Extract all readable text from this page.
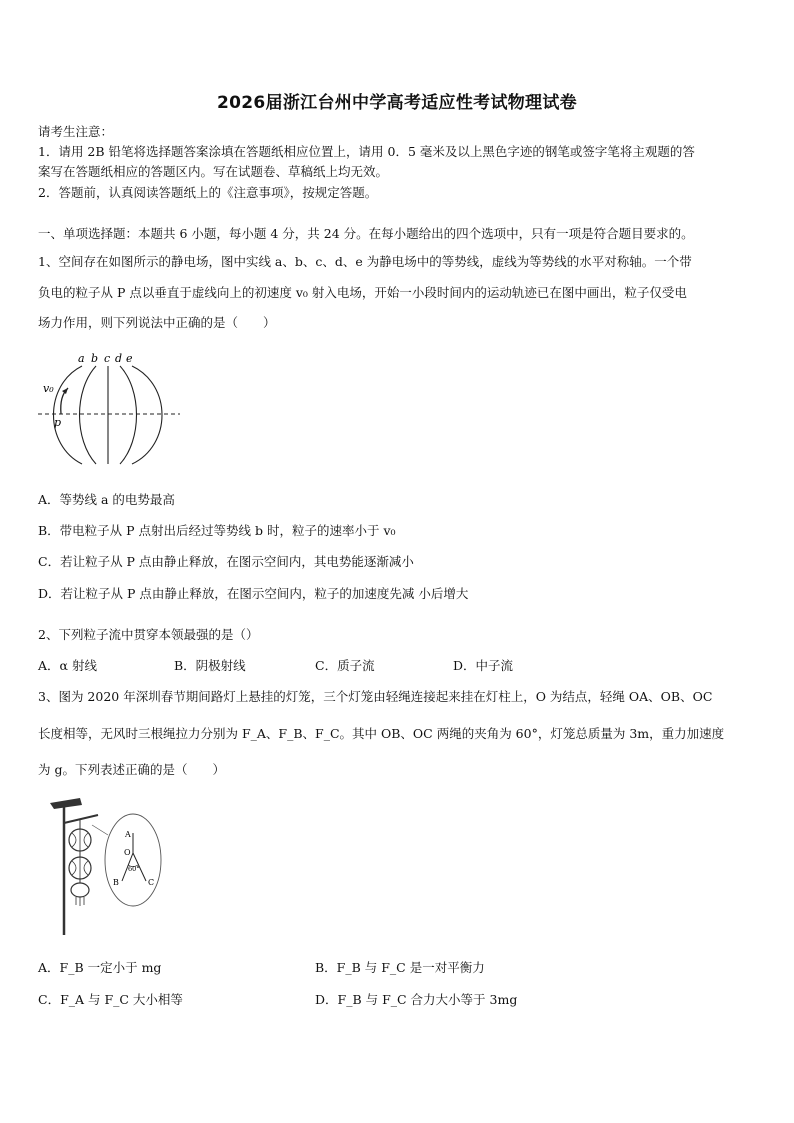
2026届浙江台州中学高考适应性考试物理试卷
请考生注意：
1．请用 2B 铅笔将选择题答案涂填在答题纸相应位置上，请用 0．5 毫米及以上黑色字迹的钢笔或签字笔将主观题的答
案写在答题纸相应的答题区内。写在试题卷、草稿纸上均无效。
2．答题前，认真阅读答题纸上的《注意事项》，按规定答题。
一、单项选择题：本题共 6 小题，每小题 4 分，共 24 分。在每小题给出的四个选项中，只有一项是符合题目要求的。
1、空间存在如图所示的静电场，图中实线 a、b、c、d、e 为静电场中的等势线，虚线为等势线的水平对称轴。一个带
负电的粒子从 P 点以垂直于虚线向上的初速度 v₀ 射入电场，开始一小段时间内的运动轨迹已在图中画出，粒子仅受电
场力作用，则下列说法中正确的是（　　）
a b c d e
v₀
p
A．等势线 a 的电势最高
B．带电粒子从 P 点射出后经过等势线 b 时，粒子的速率小于 v₀
C．若让粒子从 P 点由静止释放，在图示空间内，其电势能逐渐减小
D．若让粒子从 P 点由静止释放，在图示空间内，粒子的加速度先减 小后增大
2、下列粒子流中贯穿本领最强的是（）
A．α 射线	B．阴极射线	C．质子流	D．中子流
3、图为 2020 年深圳春节期间路灯上悬挂的灯笼，三个灯笼由轻绳连接起来挂在灯柱上，O 为结点，轻绳 OA、OB、OC
长度相等，无风时三根绳拉力分别为 F_A、F_B、F_C。其中 OB、OC 两绳的夹角为 60°，灯笼总质量为 3m，重力加速度
为 g。下列表述正确的是（　　）
A
O
60°
B	C
A．F_B 一定小于 mg	B．F_B 与 F_C 是一对平衡力
C．F_A 与 F_C 大小相等	D．F_B 与 F_C 合力大小等于 3mg
